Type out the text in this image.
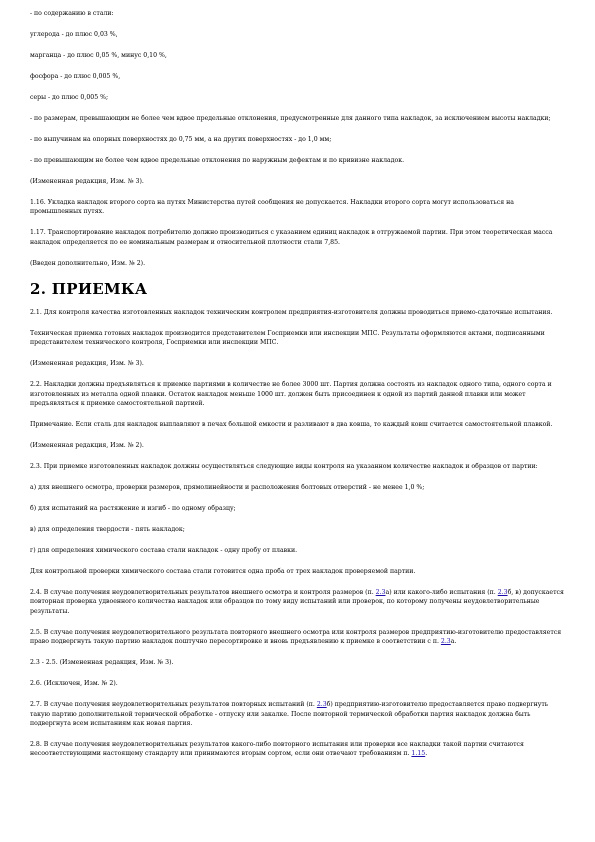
- по содержанию в стали:

углерода - до плюс 0,03 %,

марганца - до плюс 0,05 %, минус 0,10 %,

фосфора - до плюс 0,005 %,

серы - до плюс 0,005 %;

- по размерам, превышающим не более чем вдвое предельные отклонения, предусмотренные для данного типа накладок, за исключением высоты накладки;

- по выпучинам на опорных поверхностях до 0,75 мм, а на других поверхностях - до 1,0 мм;

- по превышающим не более чем вдвое предельные отклонения по наружным дефектам и по кривизне накладок.

(Измененная редакция, Изм. № 3).

1.16. Укладка накладок второго сорта на путях Министерства путей сообщения не допускается. Накладки второго сорта могут использоваться на промышленных путях.

1.17. Транспортирование накладок потребителю должно производиться с указанием единиц накладок в отгружаемой партии. При этом теоретическая масса накладок определяется по ее номинальным размерам и относительной плотности стали 7,85.

(Введен дополнительно, Изм. № 2).

2. ПРИЕМКА

2.1. Для контроля качества изготовленных накладок техническим контролем предприятия-изготовителя должны проводиться приемо-сдаточные испытания.

Техническая приемка готовых накладок производится представителем Госприемки или инспекции МПС. Результаты оформляются актами, подписанными представителем технического контроля, Госприемки или инспекции МПС.

(Измененная редакция, Изм. № 3).

2.2. Накладки должны предъявляться к приемке партиями в количестве не более 3000 шт. Партия должна состоять из накладок одного типа, одного сорта и изготовленных из металла одной плавки. Остаток накладок меньше 1000 шт. должен быть присоединен к одной из партий данной плавки или может предъявляться к приемке самостоятельной партией.

Примечание. Если сталь для накладок выплавляют в печах большой емкости и разливают в два ковша, то каждый ковш считается самостоятельной плавкой.

(Измененная редакция, Изм. № 2).

2.3. При приемке изготовленных накладок должны осуществляться следующие виды контроля на указанном количестве накладок и образцов от партии:

а) для внешнего осмотра, проверки размеров, прямолинейности и расположения болтовых отверстий - не менее 1,0 %;

б) для испытаний на растяжение и изгиб - по одному образцу;

в) для определения твердости - пять накладок;

г) для определения химического состава стали накладок - одну пробу от плавки.

Для контрольной проверки химического состава стали готовится одна проба от трех накладок проверяемой партии.

2.4. В случае получения неудовлетворительных результатов внешнего осмотра и контроля размеров (п. 2.3а) или какого-либо испытания (п. 2.3б, в) допускается повторная проверка удвоенного количества накладок или образцов по тому виду испытаний или проверок, по которому получены неудовлетворительные результаты.

2.5. В случае получения неудовлетворительного результата повторного внешнего осмотра или контроля размеров предприятию-изготовителю предоставляется право подвергнуть такую партию накладок поштучно пересортировке и вновь предъявлению к приемке в соответствии с п. 2.3а.

2.3 - 2.5. (Измененная редакция, Изм. № 3).

2.6. (Исключен, Изм. № 2).

2.7. В случае получения неудовлетворительных результатов повторных испытаний (п. 2.3б) предприятию-изготовителю предоставляется право подвергнуть такую партию дополнительной термической обработке - отпуску или закалке. После повторной термической обработки партия накладок должна быть подвергнута всем испытаниям как новая партия.

2.8. В случае получения неудовлетворительных результатов какого-либо повторного испытания или проверки все накладки такой партии считаются несоответствующими настоящему стандарту или принимаются вторым сортом, если они отвечают требованиям п. 1.15.
